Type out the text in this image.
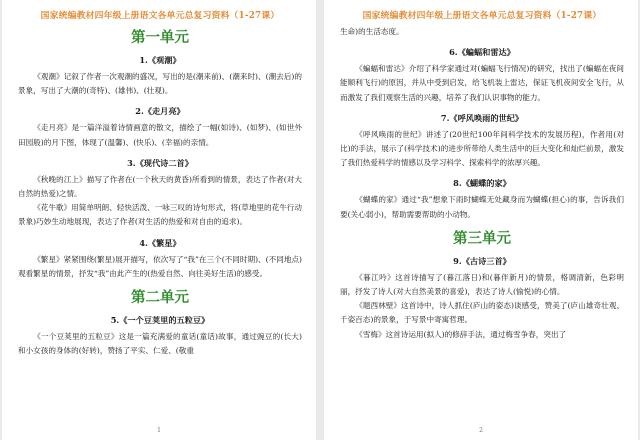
国家统编教材四年级上册语文各单元总复习资料（1-27课）
第一单元
1.《观潮》

《观潮》记叙了作者一次观潮的盛况，写出的是(潮来前)、(潮来时)、(潮去后)的景象，写出了大潮的(奇特)、(雄伟)、(壮观)。

2.《走月亮》

《走月亮》是一篇洋溢着诗情画意的散文，描绘了一幅(如诗)、(如梦)、(如世外田园般)的月下图，体现了(温馨)、(快乐)、(幸福)的亲情。

3.《现代诗二首》

《秋晚的江上》描写了作者在(一个秋天的黄昏)所看到的情景，表达了作者(对大自然的热爱)之情。

《花牛歌》用简单明朗、轻快活泼、一咏三叹的诗句形式，将(草地里的花牛行动景象)巧妙生动地展现，表达了作者(对生活的热爱和对自由的追求)。

4.《繁星》

《繁星》紧紧围绕(繁星)展开描写，依次写了“我”在三个(不同时期)、(不同地点)观看繁星的情景，抒发“我”由此产生的(热爱自然、向往美好生活)的感受。

第二单元
5.《一个豆荚里的五粒豆》

《一个豆荚里的五粒豆》这是一篇充满爱的童话(童话)故事，通过豌豆的(长大)和小女孩的身体的(好转)，赞扬了平实、仁爱、(敬重

1
国家统编教材四年级上册语文各单元总复习资料（1-27课）

生命)的生活态度。

6.《蝙蝠和雷达》

《蝙蝠和雷达》介绍了科学家通过对(蝙蝠飞行情况)的研究，找出了(蝙蝠在夜间能顺利飞行)的原因，并从中受到启发，给飞机装上雷达，保证飞机夜间安全飞行，从而激发了我们观察生活的兴趣，培养了我们认识事物的能力。

7.《呼风唤雨的世纪》

《呼风唤雨的世纪》讲述了(20世纪100年间科学技术的发展历程)，作者用(对比)的手法，展示了(科学技术)的进步所带给人类生活中的巨大变化和灿烂前景，激发了我们热爱科学的情感以及学习科学、探索科学的浓厚兴趣。

8.《蝴蝶的家》

《蝴蝶的家》通过“我”想象下雨时蝴蝶无处藏身而为蝴蝶(担心)的事，告诉我们要(关心弱小)，帮助需要帮助的小动物。

第三单元
9.《古诗三首》

《暮江吟》这首诗描写了(暮江落日)和(暮伴新月)的情景，格调清新，色彩明丽，抒发了诗人(对大自然美景的喜爱)，表达了诗人(愉悦)的心情。

《题西林壁》这首诗中，诗人抓住(庐山的姿态)谈感受，赞美了(庐山雄奇壮观、千姿百态)的景象，于写景中寄寓哲理。

《雪梅》这首诗运用(拟人)的修辞手法，通过梅雪争春，突出了

2
